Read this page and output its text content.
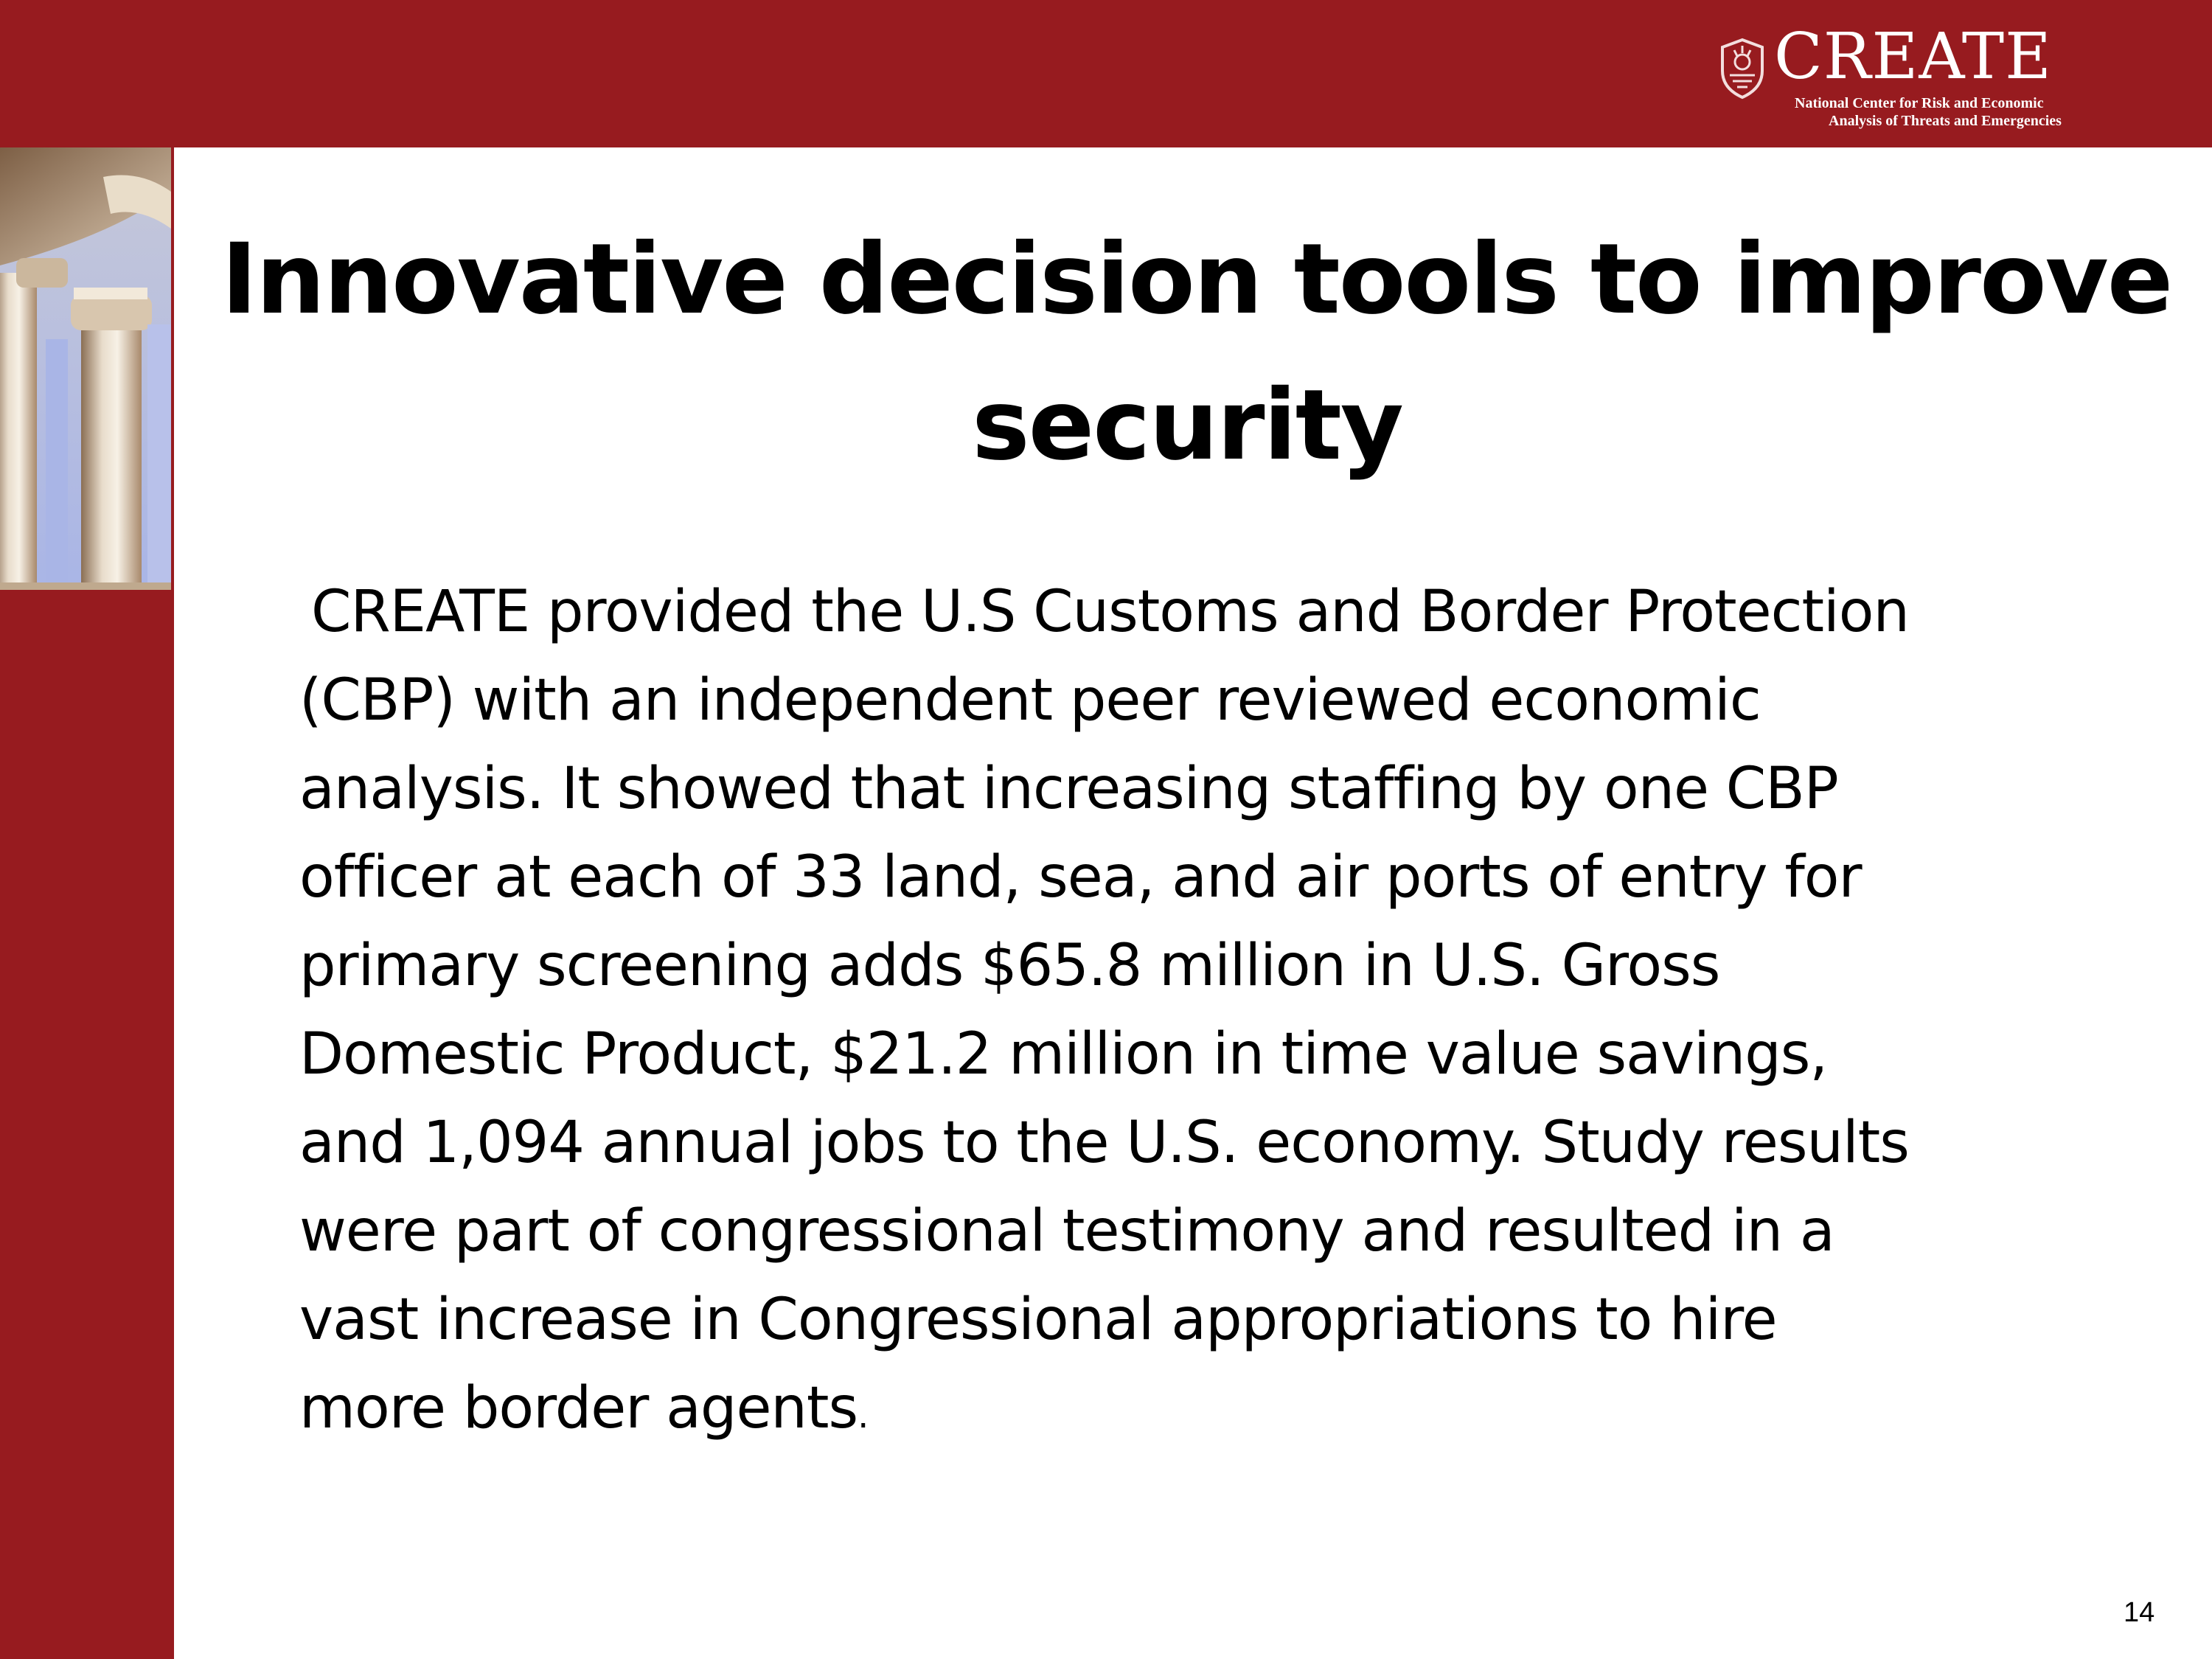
CREATE
National Center for Risk and Economic
Analysis of Threats and Emergencies
Innovative decision tools to improve
security
CREATE provided the U.S Customs and Border Protection
(CBP) with an independent peer reviewed economic
analysis. It showed that increasing staffing by one CBP
officer at each of 33 land, sea, and air ports of entry for
primary screening adds $65.8 million in U.S. Gross
Domestic Product, $21.2 million in time value savings,
and 1,094 annual jobs to the U.S. economy. Study results
were part of congressional testimony and resulted in a
vast increase in Congressional appropriations to hire
more border agents.
14
